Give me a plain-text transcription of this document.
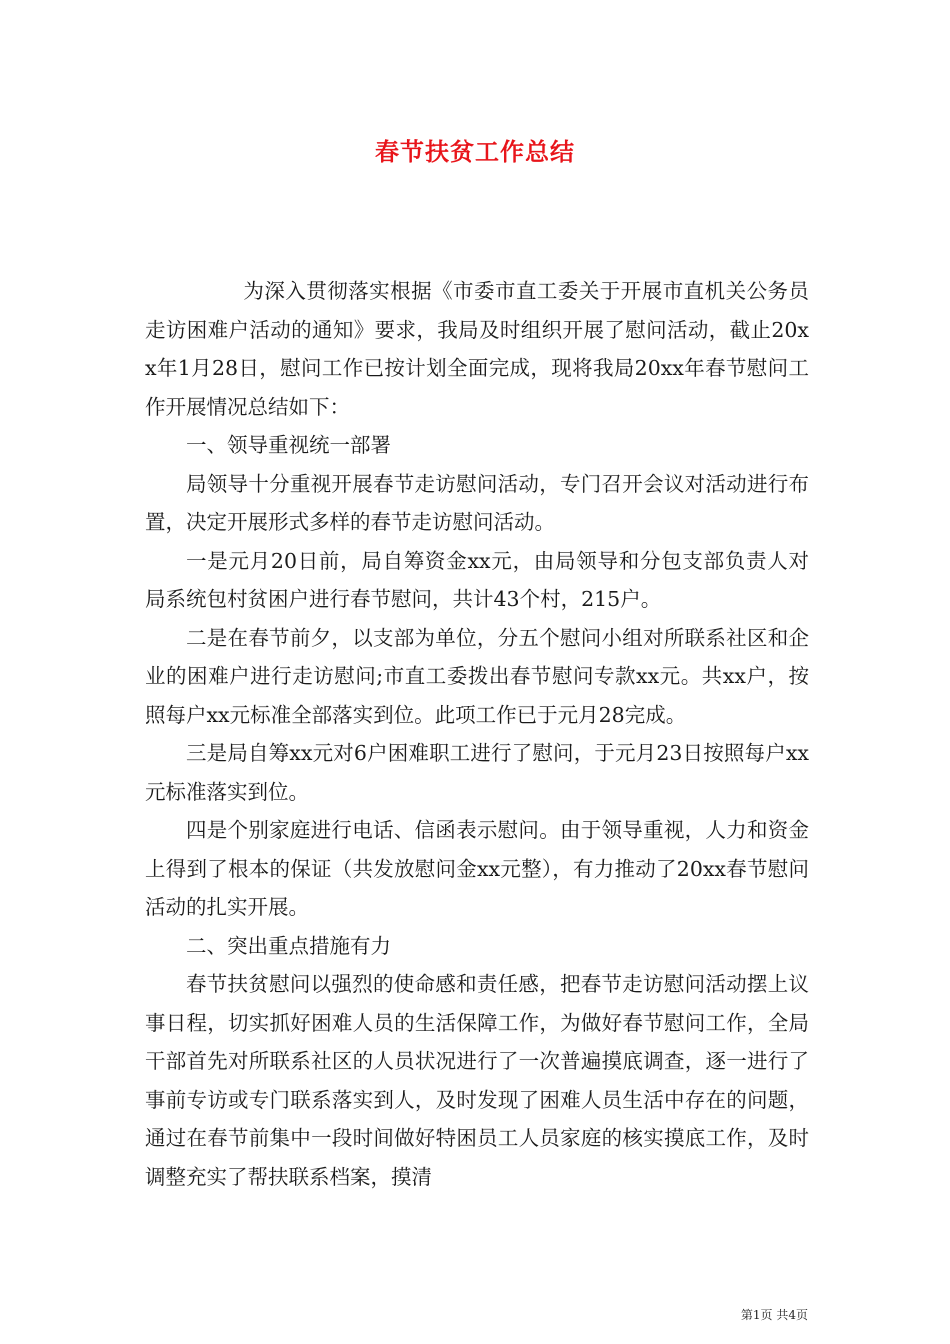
春节扶贫工作总结

为深入贯彻落实根据《市委市直工委关于开展市直机关公务员走访困难户活动的通知》要求，我局及时组织开展了慰问活动，截止20xx年1月28日，慰问工作已按计划全面完成，现将我局20xx年春节慰问工作开展情况总结如下：

一、领导重视统一部署

局领导十分重视开展春节走访慰问活动，专门召开会议对活动进行布置，决定开展形式多样的春节走访慰问活动。

一是元月20日前，局自筹资金xx元，由局领导和分包支部负责人对局系统包村贫困户进行春节慰问，共计43个村，215户。

二是在春节前夕，以支部为单位，分五个慰问小组对所联系社区和企业的困难户进行走访慰问;市直工委拨出春节慰问专款xx元。共xx户，按照每户xx元标准全部落实到位。此项工作已于元月28完成。

三是局自筹xx元对6户困难职工进行了慰问，于元月23日按照每户xx元标准落实到位。

四是个别家庭进行电话、信函表示慰问。由于领导重视，人力和资金上得到了根本的保证（共发放慰问金xx元整），有力推动了20xx春节慰问活动的扎实开展。

二、突出重点措施有力

春节扶贫慰问以强烈的使命感和责任感，把春节走访慰问活动摆上议事日程，切实抓好困难人员的生活保障工作，为做好春节慰问工作，全局干部首先对所联系社区的人员状况进行了一次普遍摸底调查，逐一进行了事前专访或专门联系落实到人，及时发现了困难人员生活中存在的问题，通过在春节前集中一段时间做好特困员工人员家庭的核实摸底工作，及时调整充实了帮扶联系档案，摸清

第1页 共4页
